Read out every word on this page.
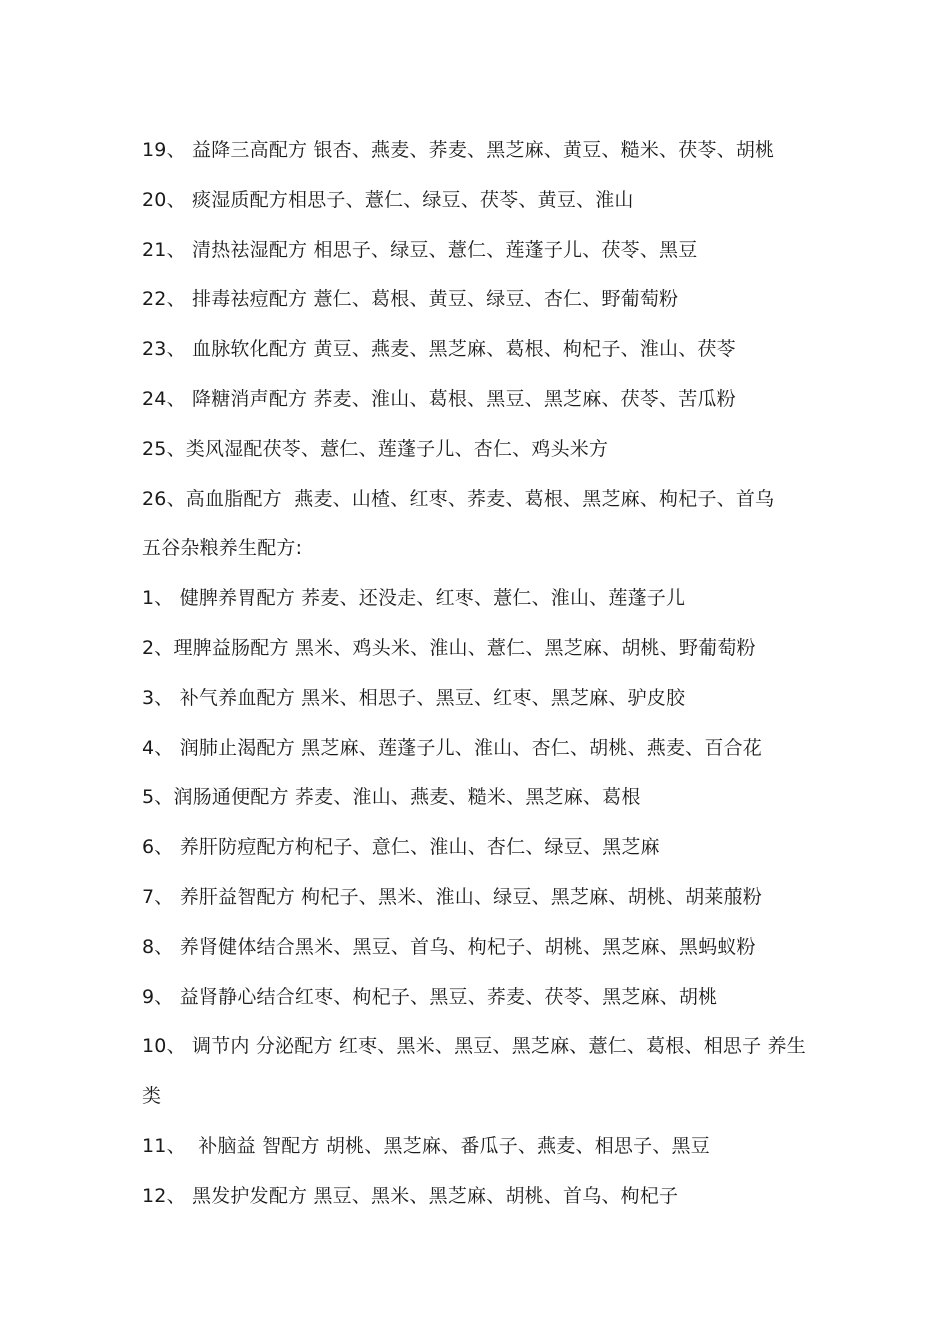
19、 益降三高配方 银杏、燕麦、荞麦、黑芝麻、黄豆、糙米、茯苓、胡桃
20、 痰湿质配方相思子、薏仁、绿豆、茯苓、黄豆、淮山
21、 清热祛湿配方 相思子、绿豆、薏仁、莲蓬子儿、茯苓、黑豆
22、 排毒祛痘配方 薏仁、葛根、黄豆、绿豆、杏仁、野葡萄粉
23、 血脉软化配方 黄豆、燕麦、黑芝麻、葛根、枸杞子、淮山、茯苓
24、 降糖消声配方 荞麦、淮山、葛根、黑豆、黑芝麻、茯苓、苦瓜粉
25、类风湿配茯苓、薏仁、莲蓬子儿、杏仁、鸡头米方
26、高血脂配方  燕麦、山楂、红枣、荞麦、葛根、黑芝麻、枸杞子、首乌
五谷杂粮养生配方:
1、 健脾养胃配方 荞麦、还没走、红枣、薏仁、淮山、莲蓬子儿
2、理脾益肠配方 黑米、鸡头米、淮山、薏仁、黑芝麻、胡桃、野葡萄粉
3、 补气养血配方 黑米、相思子、黑豆、红枣、黑芝麻、驴皮胶
4、 润肺止渴配方 黑芝麻、莲蓬子儿、淮山、杏仁、胡桃、燕麦、百合花
5、润肠通便配方 荞麦、淮山、燕麦、糙米、黑芝麻、葛根
6、 养肝防痘配方枸杞子、意仁、淮山、杏仁、绿豆、黑芝麻
7、 养肝益智配方 枸杞子、黑米、淮山、绿豆、黑芝麻、胡桃、胡莱菔粉
8、 养肾健体结合黑米、黑豆、首乌、枸杞子、胡桃、黑芝麻、黑蚂蚁粉
9、 益肾静心结合红枣、枸杞子、黑豆、荞麦、茯苓、黑芝麻、胡桃
10、 调节内 分泌配方 红枣、黑米、黑豆、黑芝麻、薏仁、葛根、相思子 养生
类
11、  补脑益 智配方 胡桃、黑芝麻、番瓜子、燕麦、相思子、黑豆
12、 黑发护发配方 黑豆、黑米、黑芝麻、胡桃、首乌、枸杞子
